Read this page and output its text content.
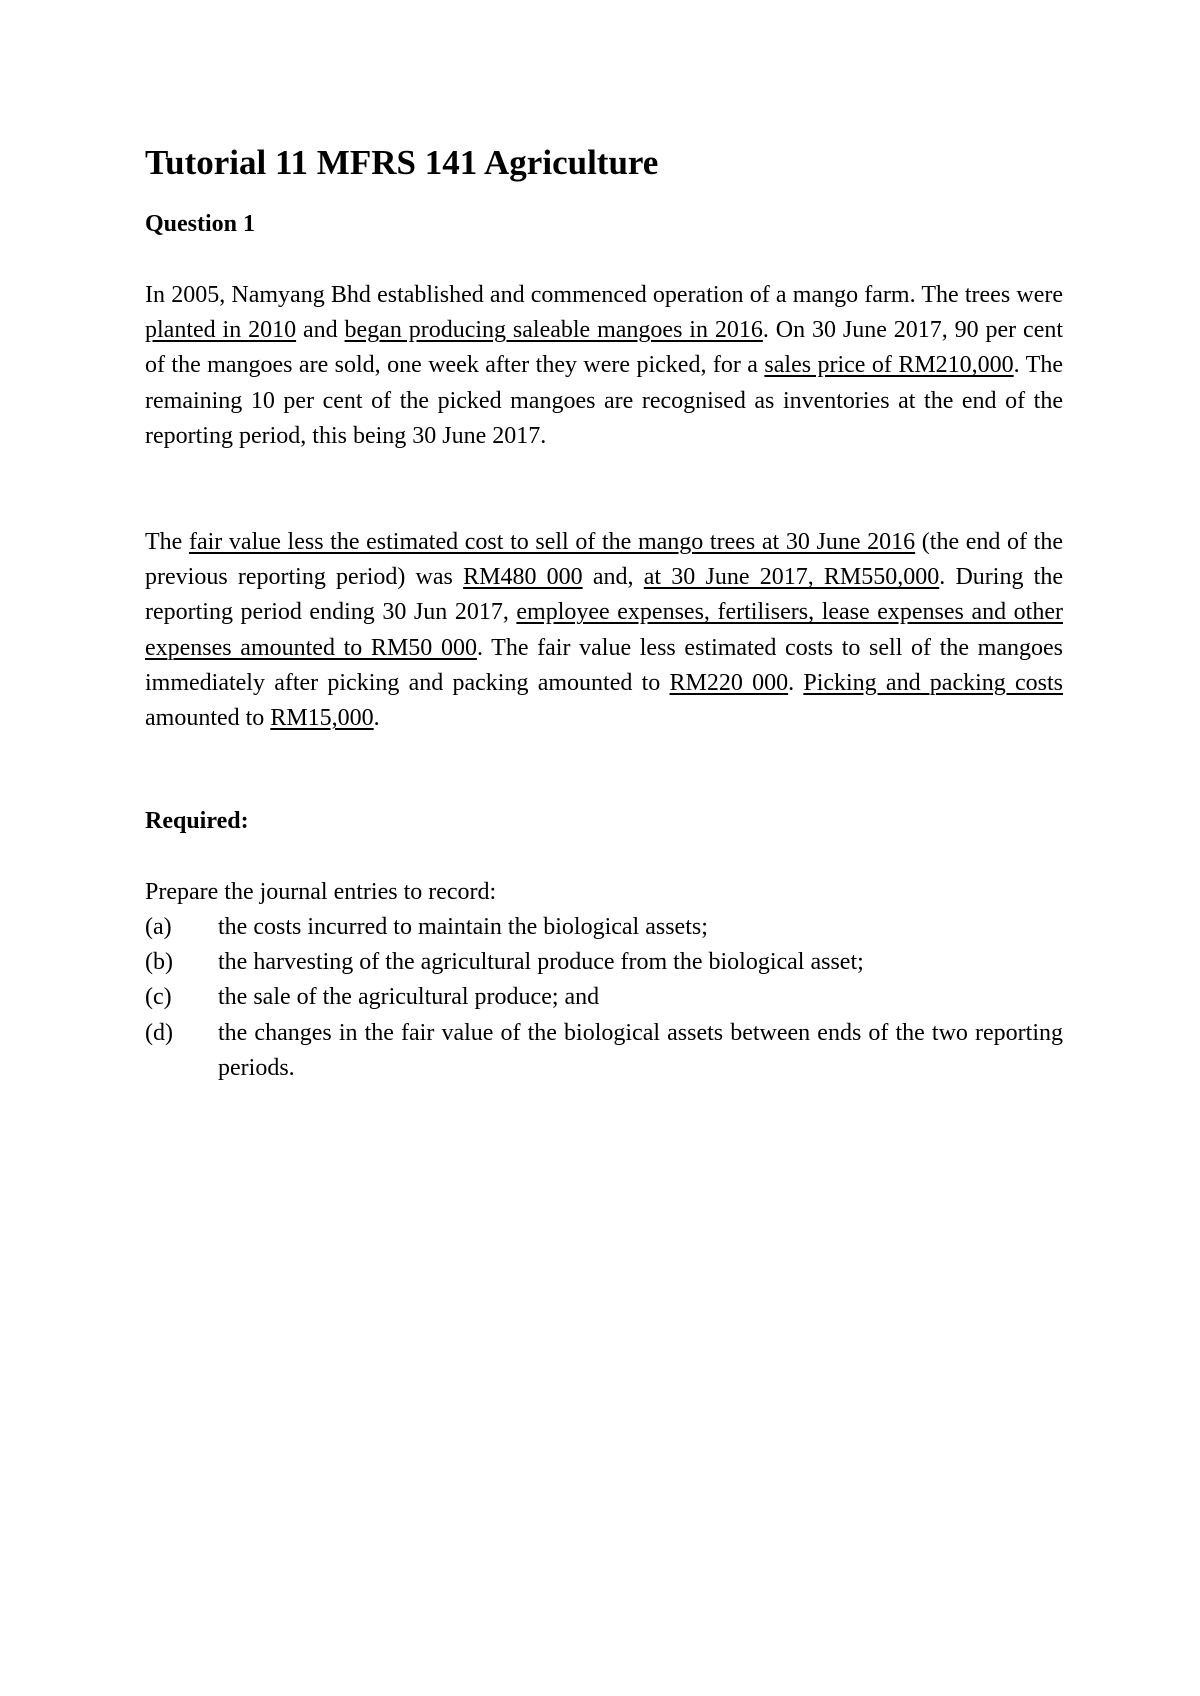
Tutorial 11 MFRS 141 Agriculture
Question 1

In 2005, Namyang Bhd established and commenced operation of a mango farm. The trees were planted in 2010 and began producing saleable mangoes in 2016. On 30 June 2017, 90 per cent of the mangoes are sold, one week after they were picked, for a sales price of RM210,000. The remaining 10 per cent of the picked mangoes are recognised as inventories at the end of the reporting period, this being 30 June 2017.

The fair value less the estimated cost to sell of the mango trees at 30 June 2016 (the end of the previous reporting period) was RM480 000 and, at 30 June 2017, RM550,000. During the reporting period ending 30 Jun 2017, employee expenses, fertilisers, lease expenses and other expenses amounted to RM50 000. The fair value less estimated costs to sell of the mangoes immediately after picking and packing amounted to RM220 000. Picking and packing costs amounted to RM15,000.

Required:

Prepare the journal entries to record:

(a)	the costs incurred to maintain the biological assets;
(b)	the harvesting of the agricultural produce from the biological asset;
(c)	the sale of the agricultural produce; and
(d)	the changes in the fair value of the biological assets between ends of the two reporting periods.
